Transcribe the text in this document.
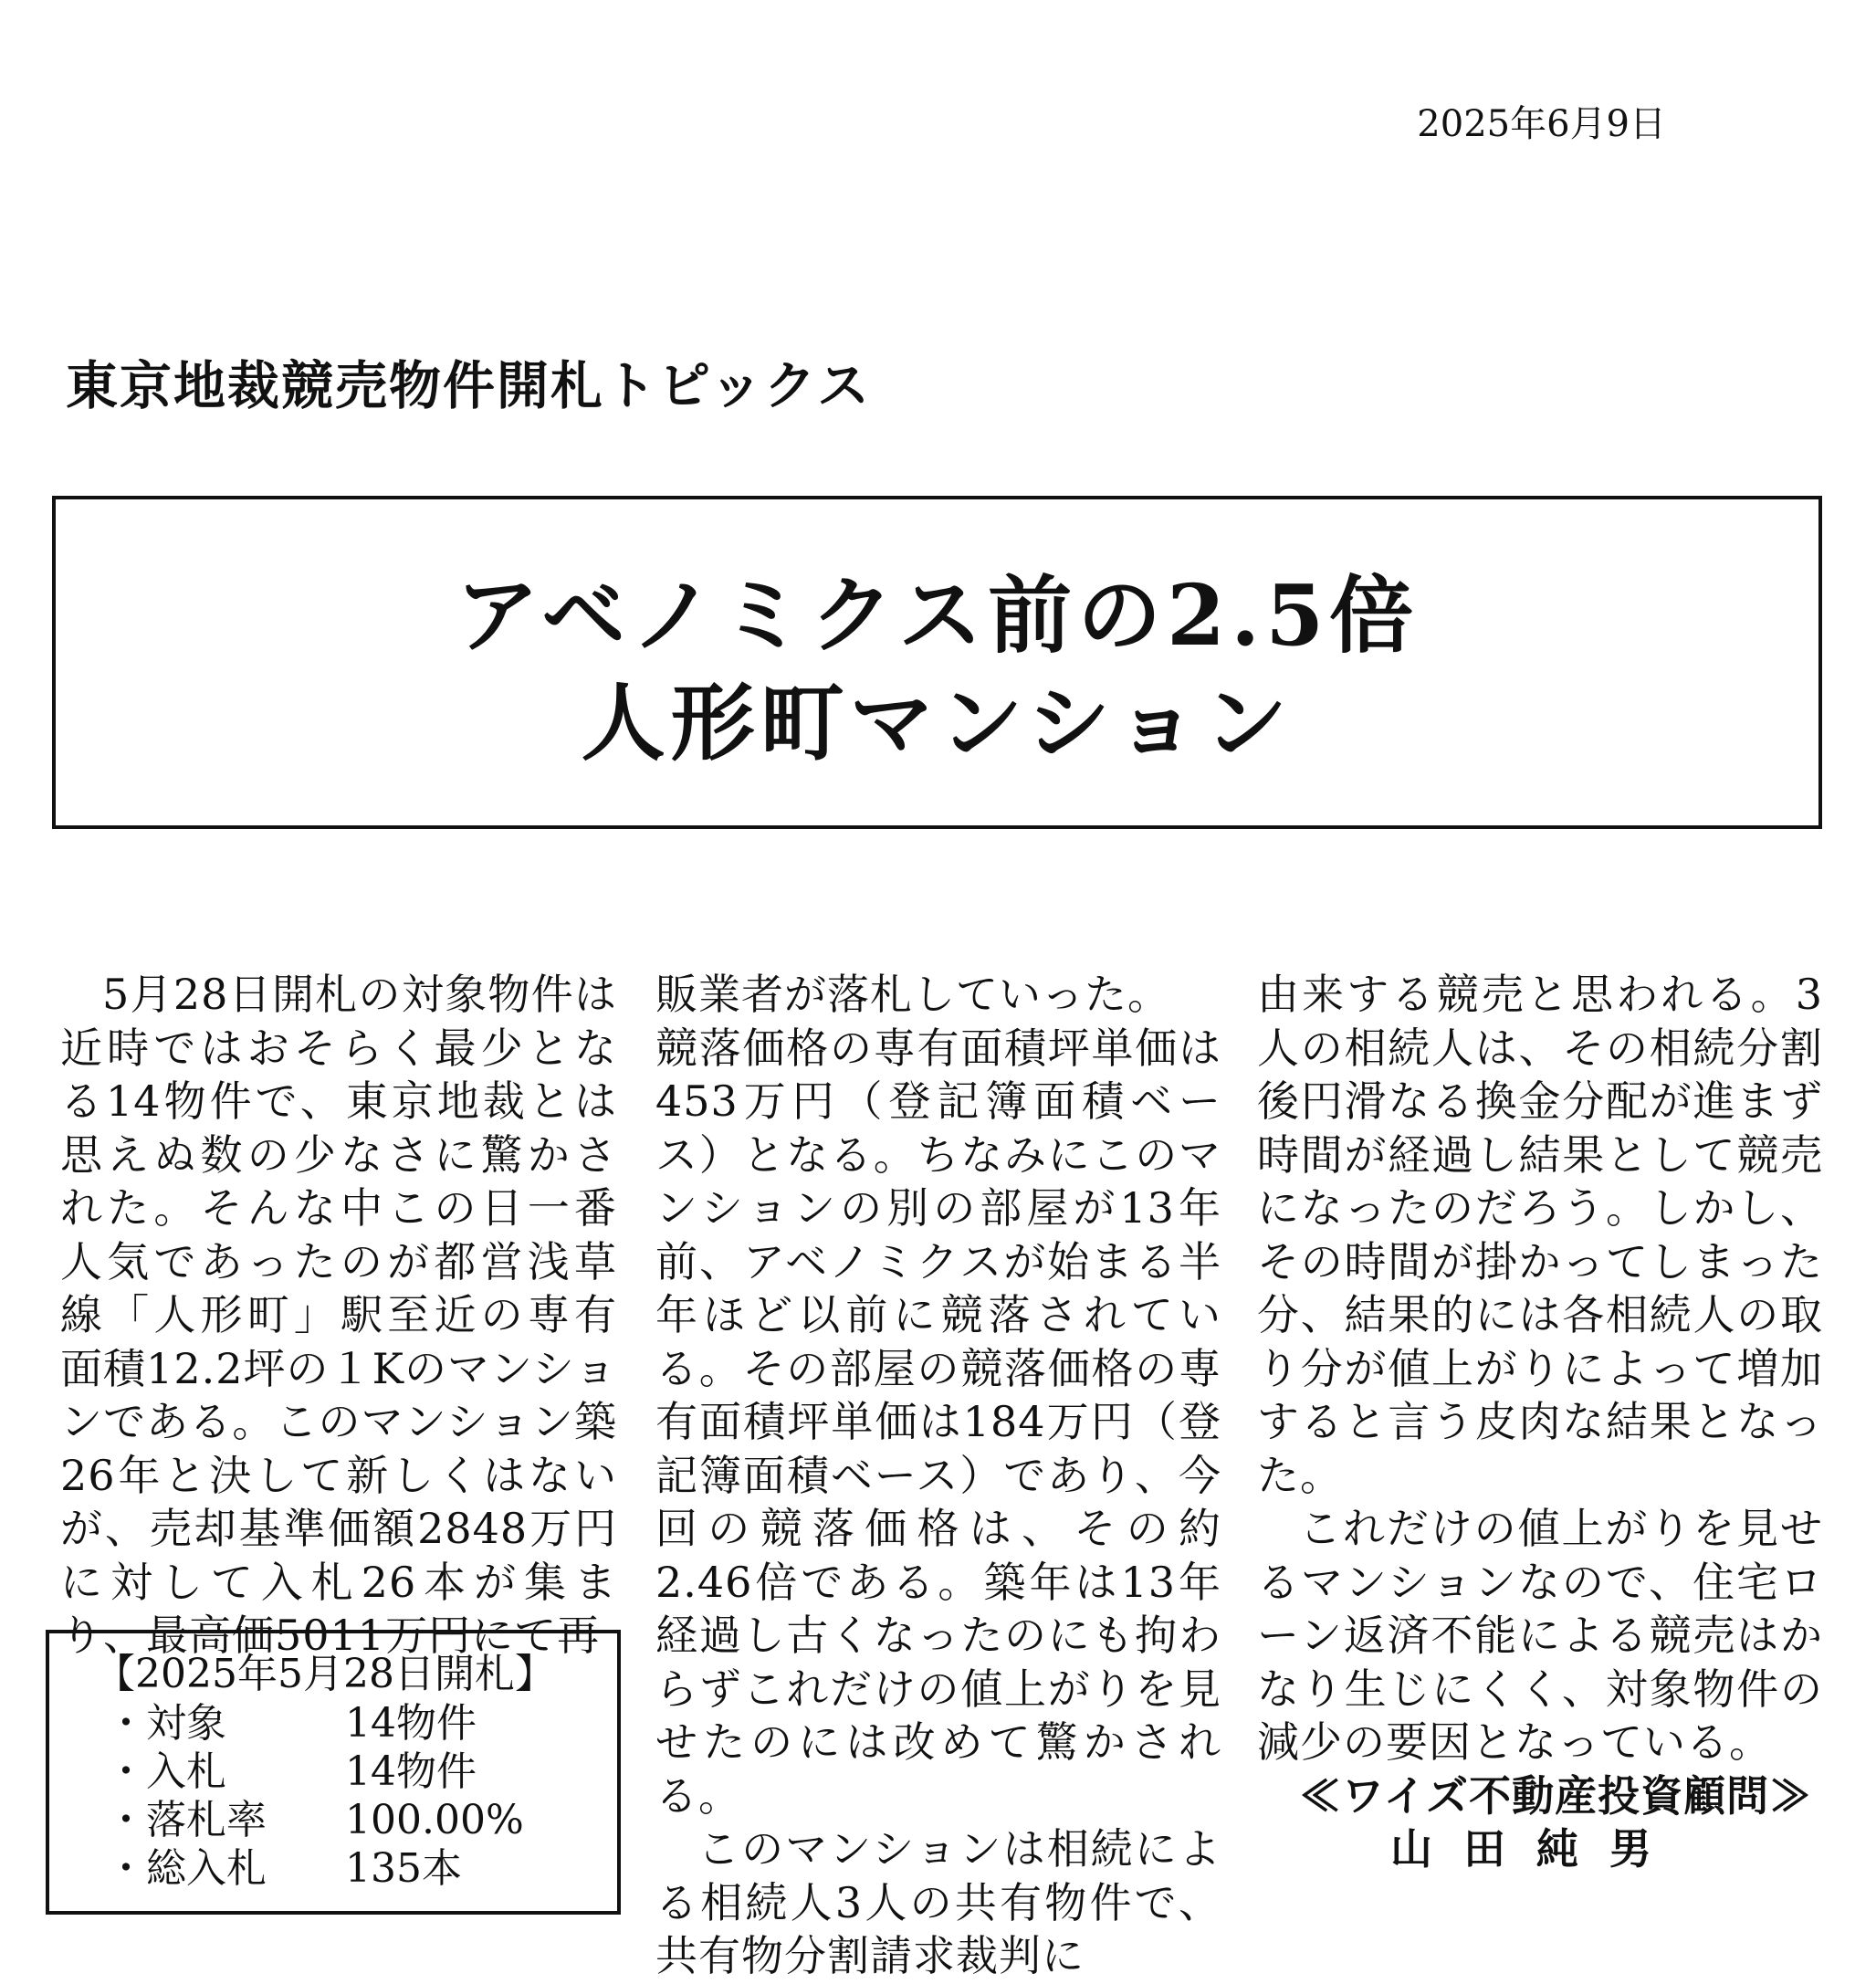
2025年6月9日
東京地裁競売物件開札トピックス
アベノミクス前の2.5倍
人形町マンション

5月28日開札の対象物件は近時ではおそらく最少となる14物件で、東京地裁とは思えぬ数の少なさに驚かされた。そんな中この日一番人気であったのが都営浅草線「人形町」駅至近の専有面積12.2坪の１Kのマンションである。このマンション築26年と決して新しくはないが、売却基準価額2848万円に対して入札26本が集まり、最高価5011万円にて再

【2025年5月28日開札】
・対象	14物件
・入札	14物件
・落札率 100.00%
・総入札 135本

販業者が落札していった。

競落価格の専有面積坪単価は453万円（登記簿面積ベース）となる。ちなみにこのマンションの別の部屋が13年前、アベノミクスが始まる半年ほど以前に競落されている。その部屋の競落価格の専有面積坪単価は184万円（登記簿面積ベース）であり、今回の競落価格は、その約2.46倍である。築年は13年経過し古くなったのにも拘わらずこれだけの値上がりを見せたのには改めて驚かされる。

このマンションは相続による相続人3人の共有物件で、共有物分割請求裁判に

由来する競売と思われる。3人の相続人は、その相続分割後円滑なる換金分配が進まず時間が経過し結果として競売になったのだろう。しかし、その時間が掛かってしまった分、結果的には各相続人の取り分が値上がりによって増加すると言う皮肉な結果となった。

これだけの値上がりを見せるマンションなので、住宅ローン返済不能による競売はかなり生じにくく、対象物件の減少の要因となっている。

≪ワイズ不動産投資顧問≫

山田純男
